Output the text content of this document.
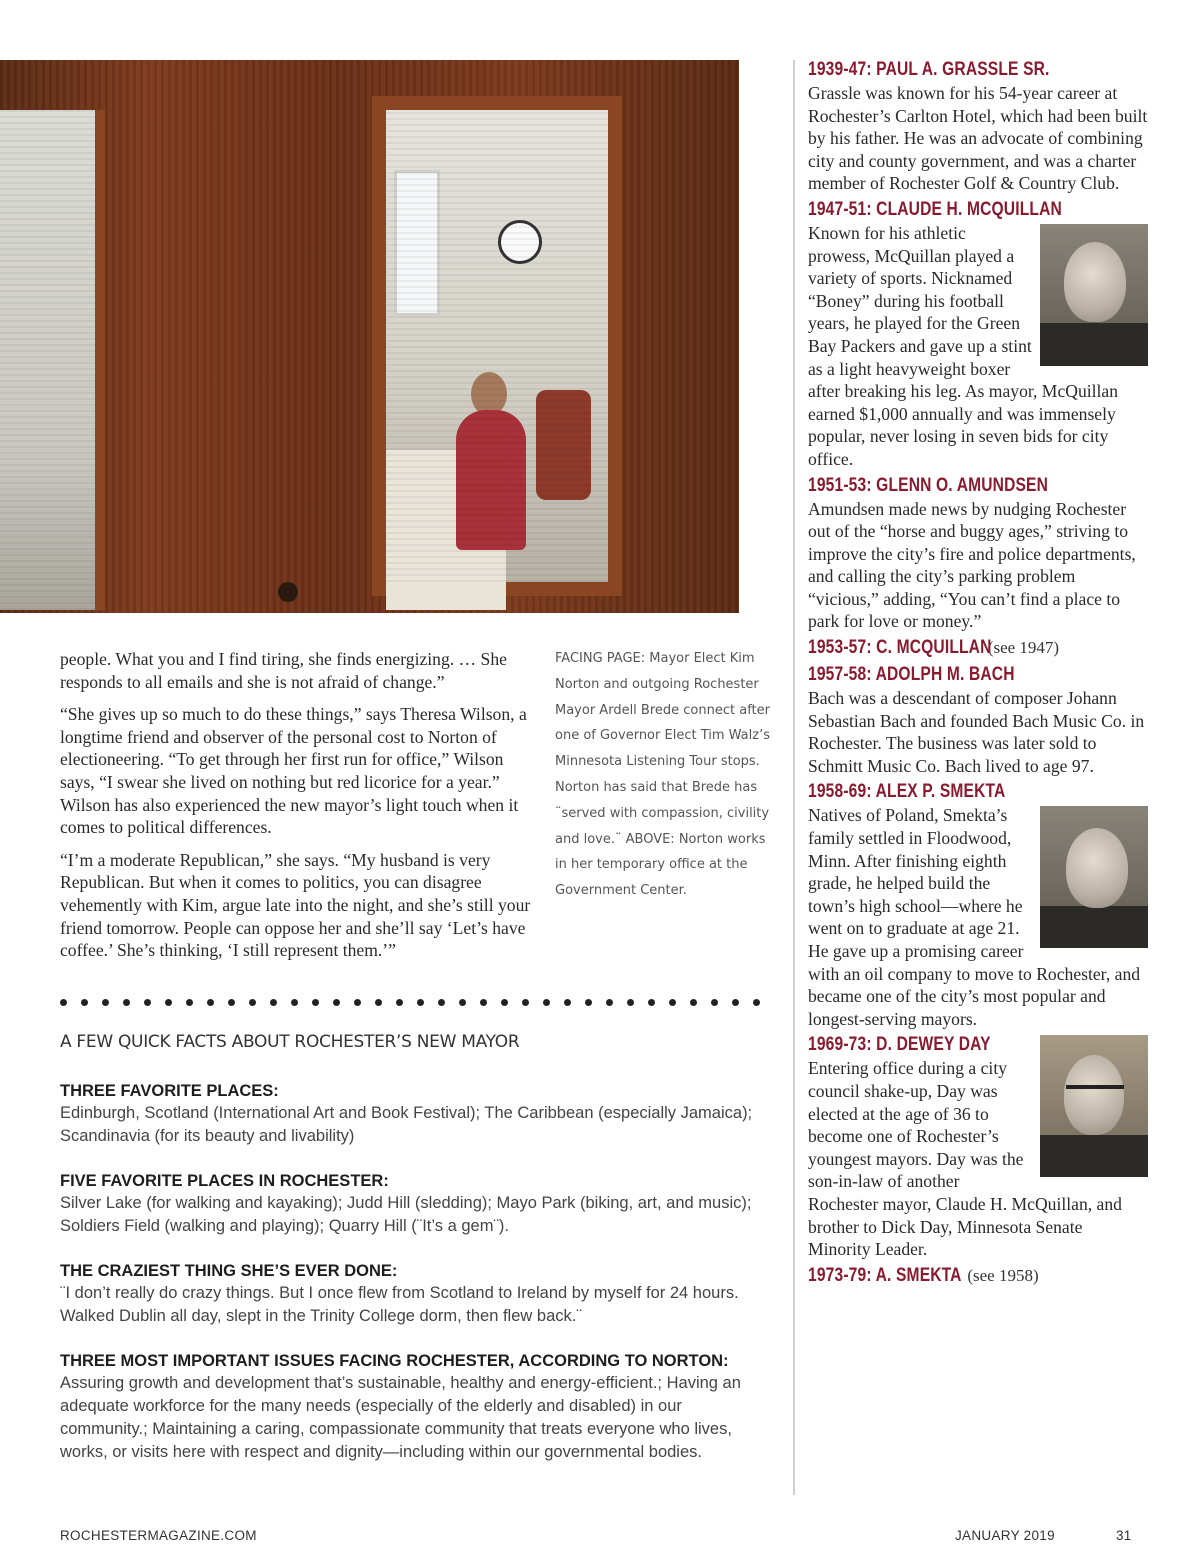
people. What you and I find tiring, she finds energizing. … She responds to all emails and she is not afraid of change.”

“She gives up so much to do these things,” says Theresa Wilson, a longtime friend and observer of the personal cost to Norton of electioneering. “To get through her first run for office,” Wilson says, “I swear she lived on nothing but red licorice for a year.” Wilson has also experienced the new mayor’s light touch when it comes to political differences.

“I’m a moderate Republican,” she says. “My husband is very Republican. But when it comes to politics, you can disagree vehemently with Kim, argue late into the night, and she’s still your friend tomorrow. People can oppose her and she’ll say ‘Let’s have coffee.’ She’s thinking, ‘I still represent them.’”

FACING PAGE: Mayor Elect Kim Norton and outgoing Rochester Mayor Ardell Brede connect after one of Governor Elect Tim Walz’s Minnesota Listening Tour stops. Norton has said that Brede has ¨served with compassion, civility and love.¨ ABOVE: Norton works in her temporary office at the Government Center.
A FEW QUICK FACTS ABOUT ROCHESTER’S NEW MAYOR
THREE FAVORITE PLACES:
Edinburgh, Scotland (International Art and Book Festival); The Caribbean (especially Jamaica); Scandinavia (for its beauty and livability)
FIVE FAVORITE PLACES IN ROCHESTER:
Silver Lake (for walking and kayaking); Judd Hill (sledding); Mayo Park (biking, art, and music); Soldiers Field (walking and playing); Quarry Hill (¨It’s a gem¨).
THE CRAZIEST THING SHE’S EVER DONE:
¨I don’t really do crazy things. But I once flew from Scotland to Ireland by myself for 24 hours. Walked Dublin all day, slept in the Trinity College dorm, then flew back.¨
THREE MOST IMPORTANT ISSUES FACING ROCHESTER, ACCORDING TO NORTON:
Assuring growth and development that’s sustainable, healthy and energy-efficient.; Having an adequate workforce for the many needs (especially of the elderly and disabled) in our community.; Maintaining a caring, compassionate community that treats everyone who lives, works, or visits here with respect and dignity—including within our governmental bodies.
1939-47: PAUL A. GRASSLE SR.

Grassle was known for his 54-year career at Rochester’s Carlton Hotel, which had been built by his father. He was an advocate of combining city and county government, and was a charter member of Rochester Golf & Country Club.

1947-51: CLAUDE H. MCQUILLAN

Known for his athletic prowess, McQuillan played a variety of sports. Nicknamed “Boney” during his football years, he played for the Green Bay Packers and gave up a stint as a light heavyweight boxer after breaking his leg. As mayor, McQuillan earned $1,000 annually and was immensely popular, never losing in seven bids for city office.

1951-53: GLENN O. AMUNDSEN

Amundsen made news by nudging Rochester out of the “horse and buggy ages,” striving to improve the city’s fire and police departments, and calling the city’s parking problem “vicious,” adding, “You can’t find a place to park for love or money.”

1953-57: C. MCQUILLAN
(see 1947)
1957-58: ADOLPH M. BACH

Bach was a descendant of composer Johann Sebastian Bach and founded Bach Music Co. in Rochester. The business was later sold to Schmitt Music Co. Bach lived to age 97.

1958-69: ALEX P. SMEKTA

Natives of Poland, Smekta’s family settled in Floodwood, Minn. After finishing eighth grade, he helped build the town’s high school—where he went on to graduate at age 21. He gave up a promising career with an oil company to move to Rochester, and became one of the city’s most popular and longest-serving mayors.

1969-73: D. DEWEY DAY

Entering office during a city council shake-up, Day was elected at the age of 36 to become one of Rochester’s youngest mayors. Day was the son-in-law of another Rochester mayor, Claude H. McQuillan, and brother to Dick Day, Minnesota Senate Minority Leader.

1973-79: A. SMEKTA (see 1958)
ROCHESTERMAGAZINE.COM	JANUARY 2019	31
